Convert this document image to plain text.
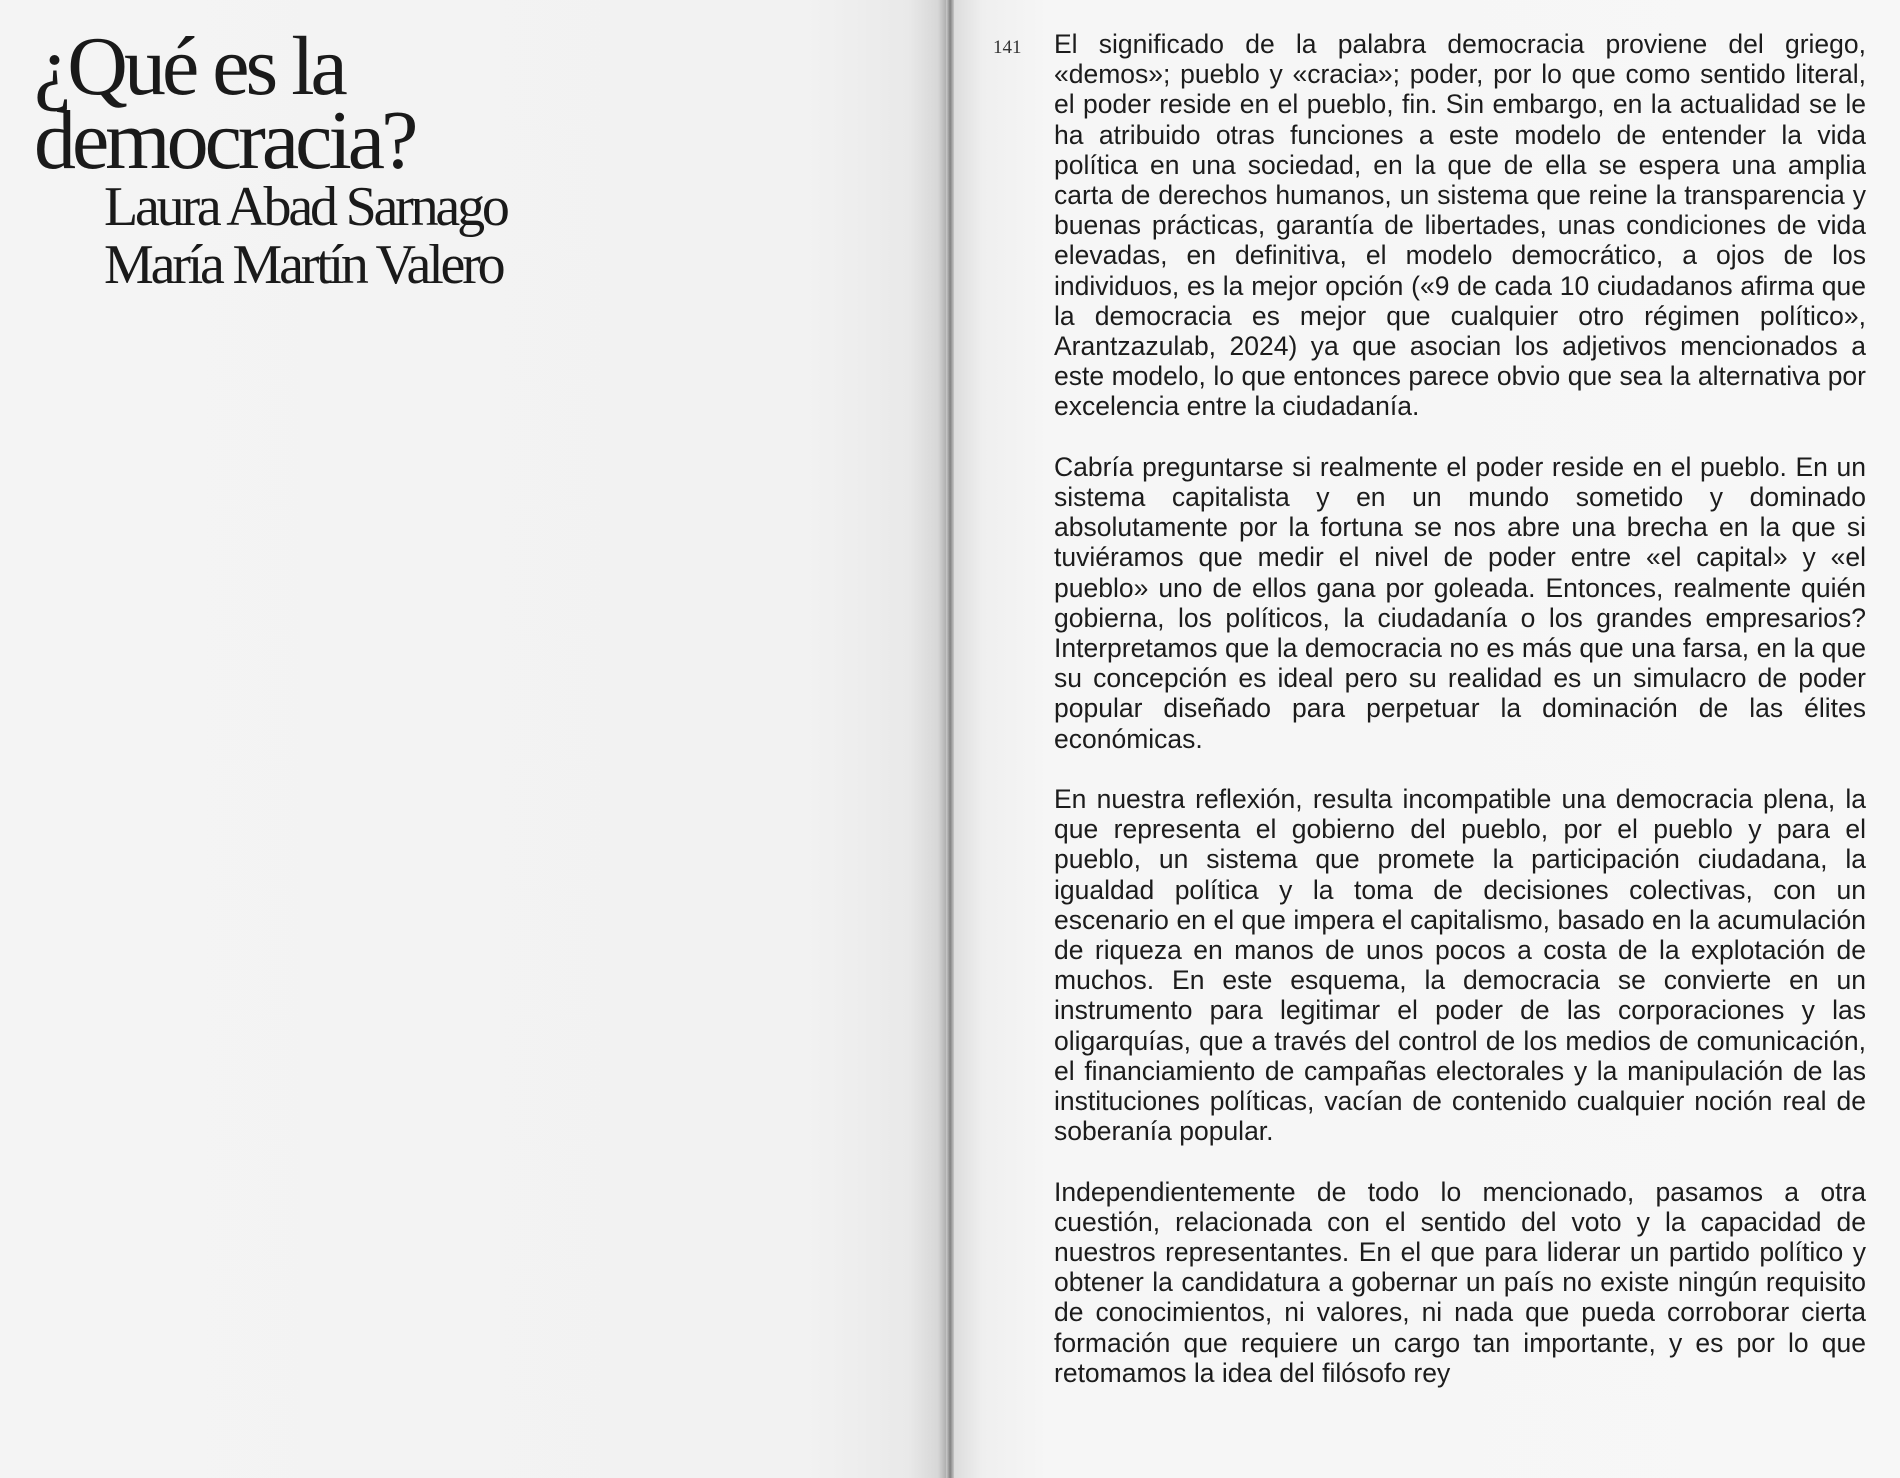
¿Qué es la
democracia?
Laura Abad Sarnago
María Martín Valero
141 El significado de la palabra democracia proviene del griego, «demos»; pueblo y «cracia»; poder, por lo que como sentido literal, el poder reside en el pueblo, fin. Sin embargo, en la actualidad se le ha atribuido otras funciones a este modelo de entender la vida política en una sociedad, en la que de ella se espera una amplia carta de derechos humanos, un sistema que reine la transparencia y buenas prácticas, garantía de libertades, unas condiciones de vida elevadas, en definitiva, el modelo democrático, a ojos de los individuos, es la mejor opción («9 de cada 10 ciudadanos afirma que la democracia es mejor que cualquier otro régimen político», Arantzazulab, 2024) ya que asocian los adjetivos mencionados a este modelo, lo que entonces parece obvio que sea la alternativa por excelencia entre la ciudadanía.

Cabría preguntarse si realmente el poder reside en el pueblo. En un sistema capitalista y en un mundo sometido y dominado absolutamente por la fortuna se nos abre una brecha en la que si tuviéramos que medir el nivel de poder entre «el capital» y «el pueblo» uno de ellos gana por goleada. Entonces, realmente quién gobierna, los políticos, la ciudadanía o los grandes empresarios? Interpretamos que la democracia no es más que una farsa, en la que su concepción es ideal pero su realidad es un simulacro de poder popular diseñado para perpetuar la dominación de las élites económicas.

En nuestra reflexión, resulta incompatible una democracia plena, la que representa el gobierno del pueblo, por el pueblo y para el pueblo, un sistema que promete la participación ciudadana, la igualdad política y la toma de decisiones colectivas, con un escenario en el que impera el capitalismo, basado en la acumulación de riqueza en manos de unos pocos a costa de la explotación de muchos. En este esquema, la democracia se convierte en un instrumento para legitimar el poder de las corporaciones y las oligarquías, que a través del control de los medios de comunicación, el financiamiento de campañas electorales y la manipulación de las instituciones políticas, vacían de contenido cualquier noción real de soberanía popular.

Independientemente de todo lo mencionado, pasamos a otra cuestión, relacionada con el sentido del voto y la capacidad de nuestros representantes. En el que para liderar un partido político y obtener la candidatura a gobernar un país no existe ningún requisito de conocimientos, ni valores, ni nada que pueda corroborar cierta formación que requiere un cargo tan importante, y es por lo que retomamos la idea del filósofo rey
